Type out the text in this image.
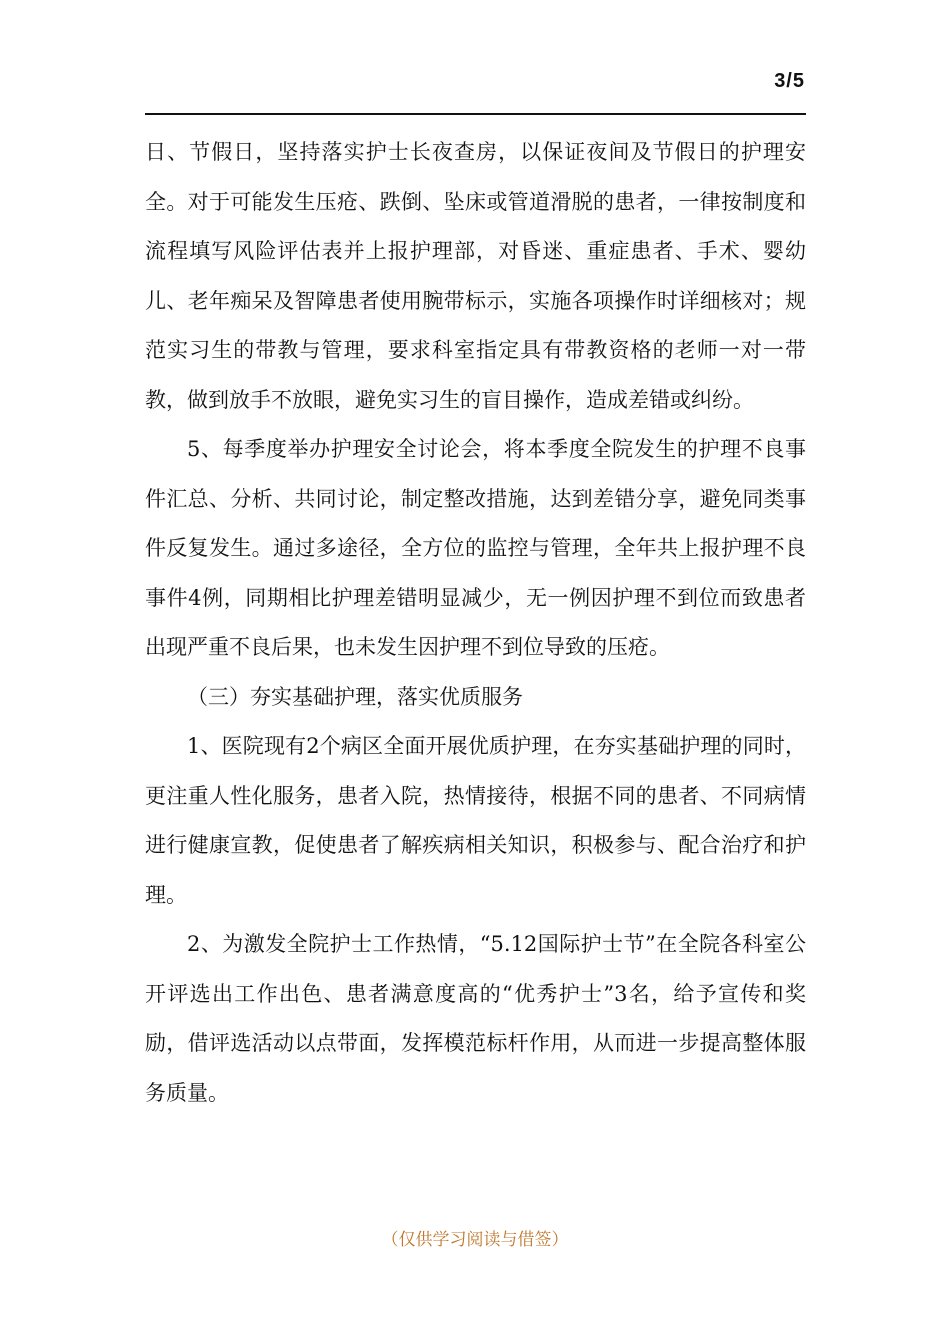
3/5

日、节假日，坚持落实护士长夜查房，以保证夜间及节假日的护理安全。对于可能发生压疮、跌倒、坠床或管道滑脱的患者，一律按制度和流程填写风险评估表并上报护理部，对昏迷、重症患者、手术、婴幼儿、老年痴呆及智障患者使用腕带标示，实施各项操作时详细核对；规范实习生的带教与管理，要求科室指定具有带教资格的老师一对一带教，做到放手不放眼，避免实习生的盲目操作，造成差错或纠纷。

5、每季度举办护理安全讨论会，将本季度全院发生的护理不良事件汇总、分析、共同讨论，制定整改措施，达到差错分享，避免同类事件反复发生。通过多途径，全方位的监控与管理，全年共上报护理不良事件4例，同期相比护理差错明显减少，无一例因护理不到位而致患者出现严重不良后果，也未发生因护理不到位导致的压疮。

（三）夯实基础护理，落实优质服务

1、医院现有2个病区全面开展优质护理，在夯实基础护理的同时，更注重人性化服务，患者入院，热情接待，根据不同的患者、不同病情进行健康宣教，促使患者了解疾病相关知识，积极参与、配合治疗和护理。

2、为激发全院护士工作热情，“5.12国际护士节”在全院各科室公开评选出工作出色、患者满意度高的“优秀护士”3名，给予宣传和奖励，借评选活动以点带面，发挥模范标杆作用，从而进一步提高整体服务质量。

（仅供学习阅读与借签）
